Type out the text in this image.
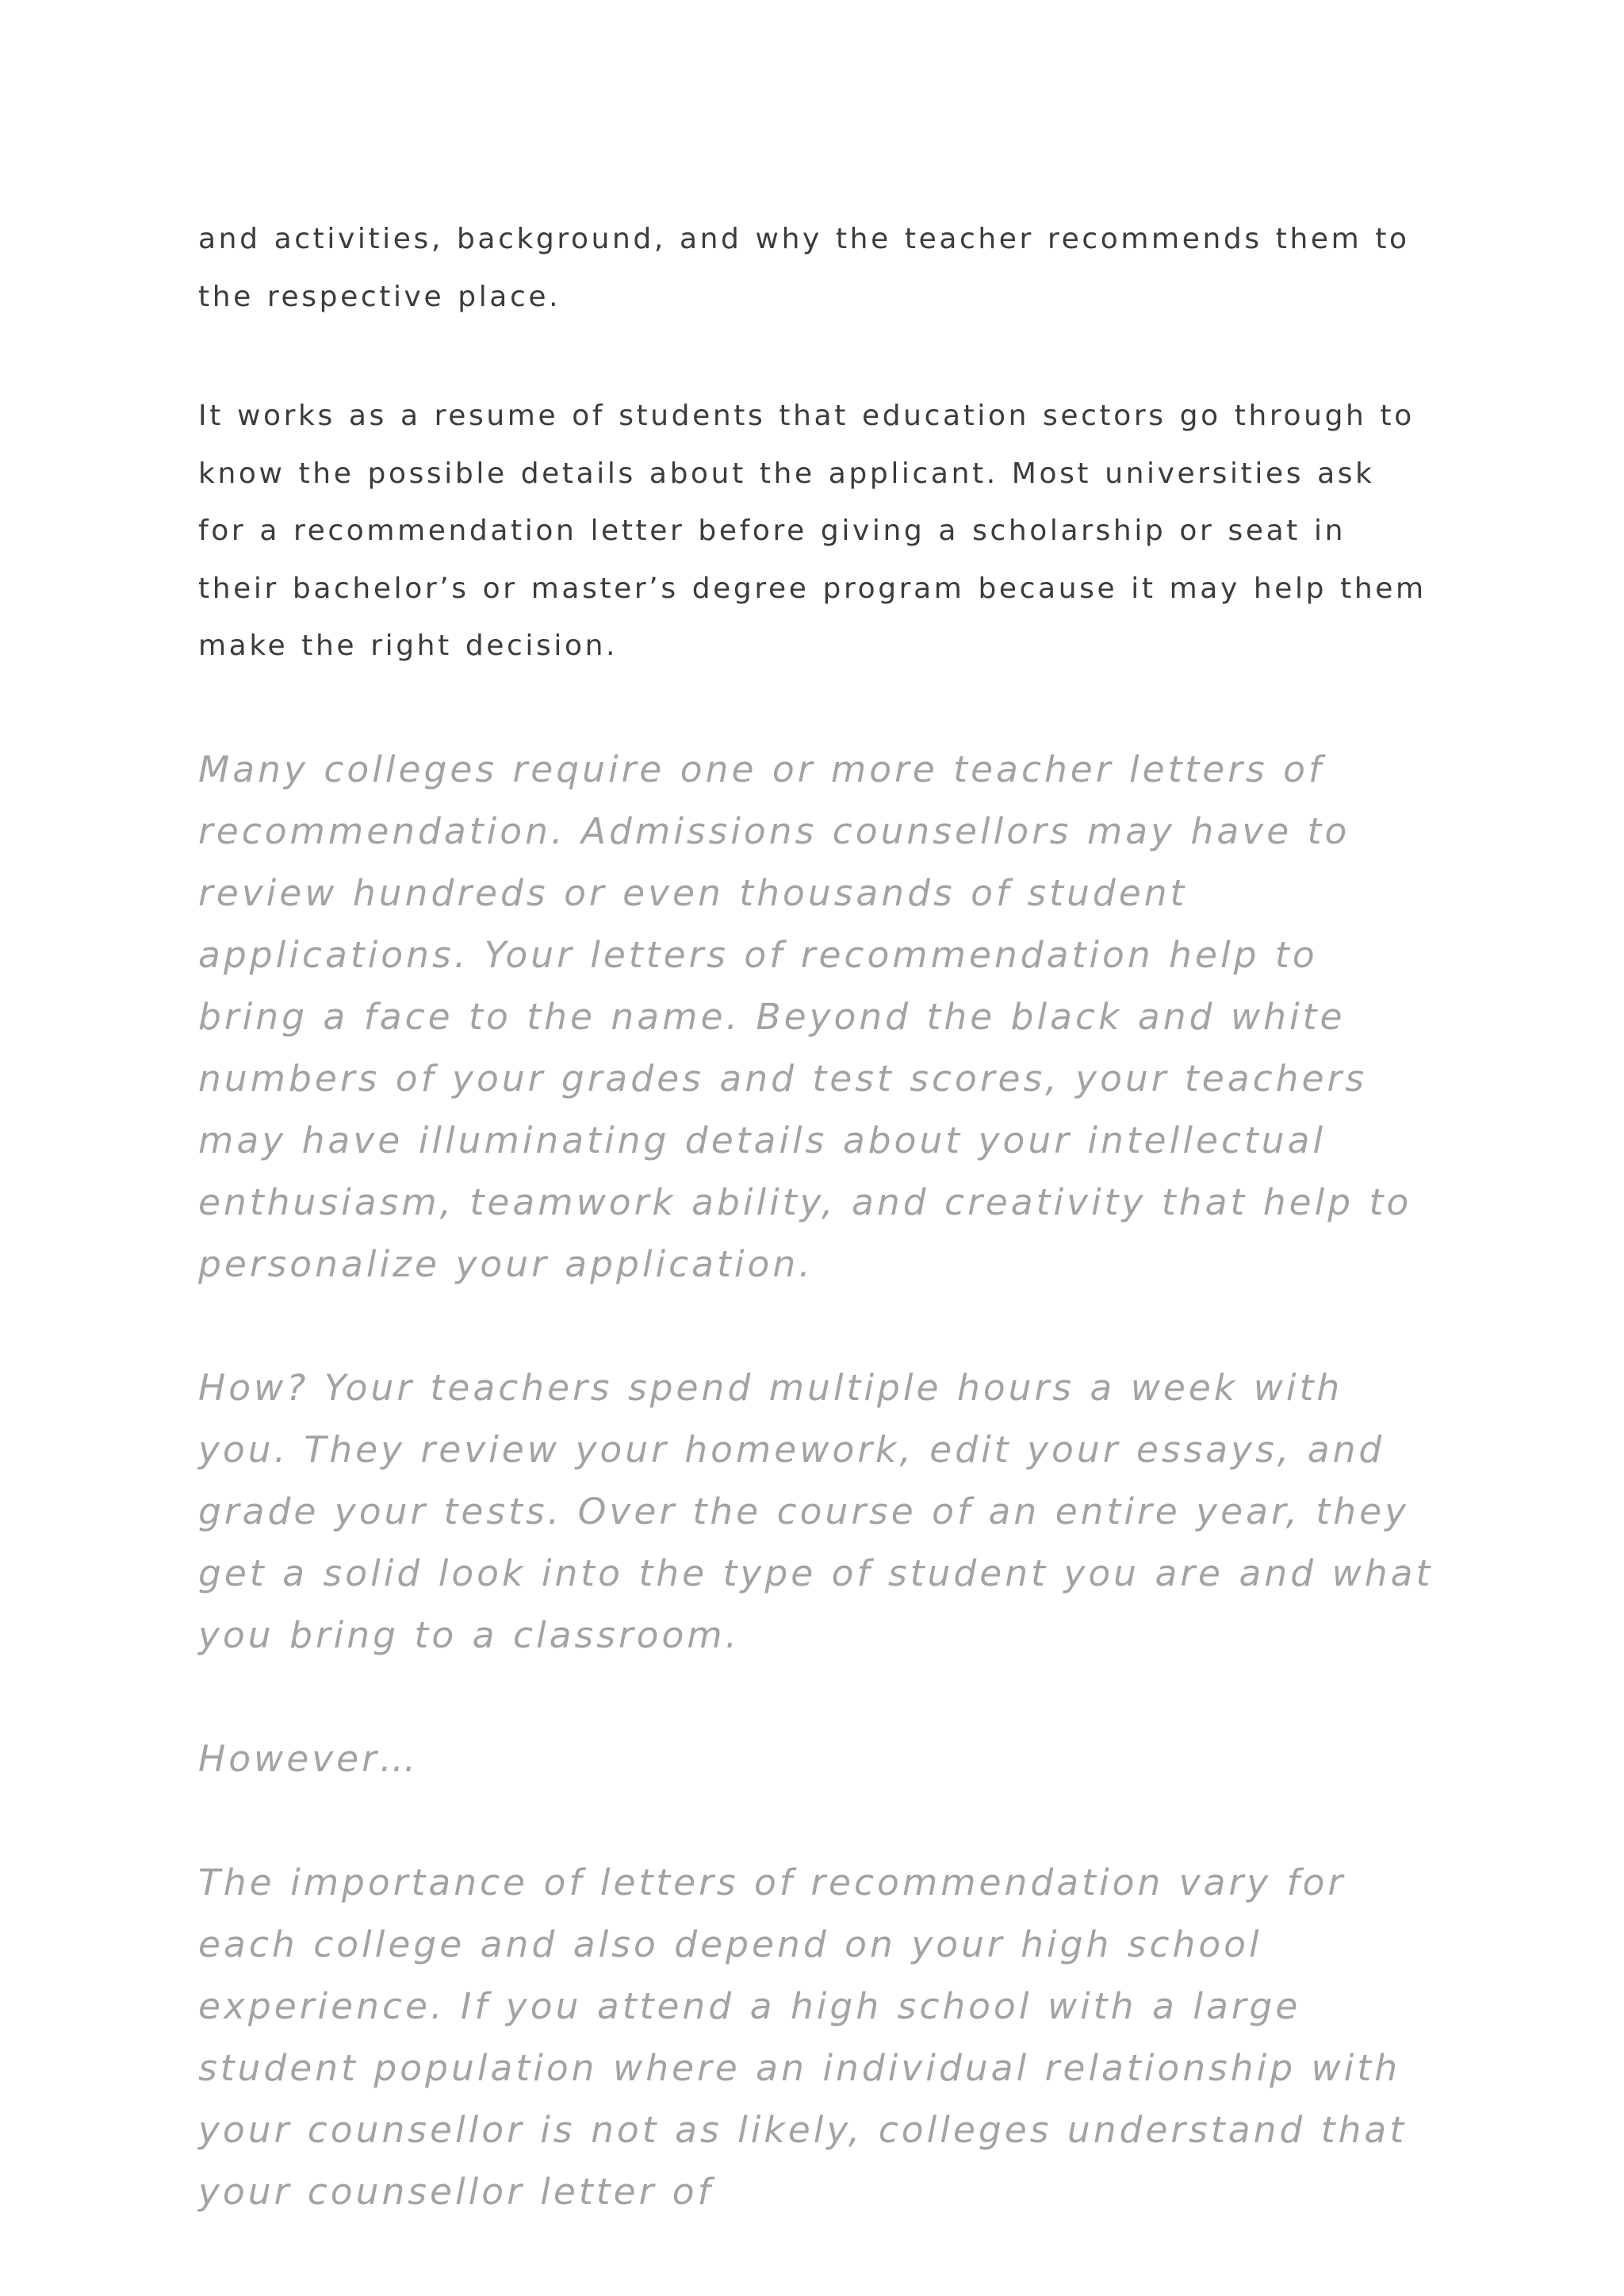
and activities, background, and why the teacher recommends them to the respective place.

It works as a resume of students that education sectors go through to know the possible details about the applicant. Most universities ask for a recommendation letter before giving a scholarship or seat in their bachelor’s or master’s degree program because it may help them make the right decision.

Many colleges require one or more teacher letters of recommendation. Admissions counsellors may have to review hundreds or even thousands of student applications. Your letters of recommendation help to bring a face to the name. Beyond the black and white numbers of your grades and test scores, your teachers may have illuminating details about your intellectual enthusiasm, teamwork ability, and creativity that help to personalize your application.

How? Your teachers spend multiple hours a week with you. They review your homework, edit your essays, and grade your tests. Over the course of an entire year, they get a solid look into the type of student you are and what you bring to a classroom.

However…

The importance of letters of recommendation vary for each college and also depend on your high school experience. If you attend a high school with a large student population where an individual relationship with your counsellor is not as likely, colleges understand that your counsellor letter of
